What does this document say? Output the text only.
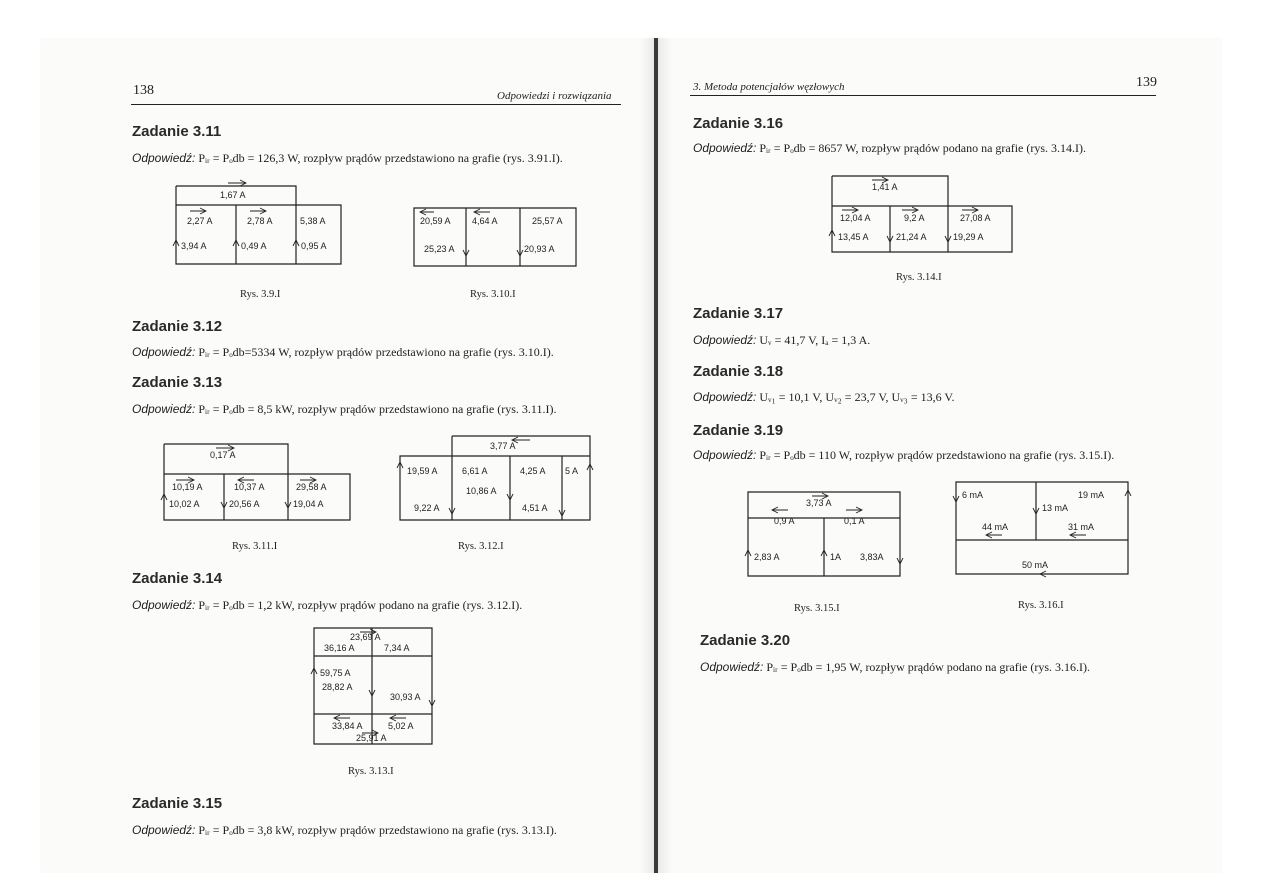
138	Odpowiedzi i rozwiązania
Zadanie 3.11
Odpowiedź: Pᵢᵣ = Pₒdb = 126,3 W, rozpływ prądów przedstawiono na grafie (rys. 3.91.I).
1,67 A
2,27 A	2,78 A	5,38 A
3,94 A	0,49 A	0,95 A
20,59 A 4,64 A	25,57 A
25,23 A	20,93 A
Rys. 3.9.I	Rys. 3.10.I
Zadanie 3.12
Odpowiedź: Pᵢᵣ = Pₒdb=5334 W, rozpływ prądów przedstawiono na grafie (rys. 3.10.I).
Zadanie 3.13
Odpowiedź: Pᵢᵣ = Pₒdb = 8,5 kW, rozpływ prądów przedstawiono na grafie (rys. 3.11.I).
0,17 A
10,19 A	10,37 A	29,58 A
10,02 A	20,56 A	19,04 A
3,77 A
19,59 A	6,61 A	4,25 A 5 A
10,86 A
9,22 A	4,51 A
Rys. 3.11.I	Rys. 3.12.I
Zadanie 3.14
Odpowiedź: Pᵢᵣ = Pₒdb = 1,2 kW, rozpływ prądów podano na grafie (rys. 3.12.I).
23,69 A
36,16 A	7,34 A
59,75 A
28,82 A
30,93 A
33,84 A	5,02 A
25,91 A
Rys. 3.13.I
Zadanie 3.15
Odpowiedź: Pᵢᵣ = Pₒdb = 3,8 kW, rozpływ prądów przedstawiono na grafie (rys. 3.13.I).
3. Metoda potencjałów węzłowych	139
Zadanie 3.16
Odpowiedź: Pᵢᵣ = Pₒdb = 8657 W, rozpływ prądów podano na grafie (rys. 3.14.I).
1,41 A
12,04 A	9,2 A	27,08 A
13,45 A	21,24 A	19,29 A
Rys. 3.14.I
Zadanie 3.17
Odpowiedź: Uᵥ = 41,7 V, Iₐ = 1,3 A.
Zadanie 3.18
Odpowiedź: Uᵥ₁ = 10,1 V, Uᵥ₂ = 23,7 V, Uᵥ₃ = 13,6 V.
Zadanie 3.19
Odpowiedź: Pᵢᵣ = Pₒdb = 110 W, rozpływ prądów przedstawiono na grafie (rys. 3.15.I).
3,73 A
0,9 A	0,1 A
2,83 A	1A 3,83A
6 mA	19 mA
13 mA
44 mA	31 mA
50 mA
Rys. 3.15.I	Rys. 3.16.I
Zadanie 3.20
Odpowiedź: Pᵢᵣ = Pₒdb = 1,95 W, rozpływ prądów podano na grafie (rys. 3.16.I).
